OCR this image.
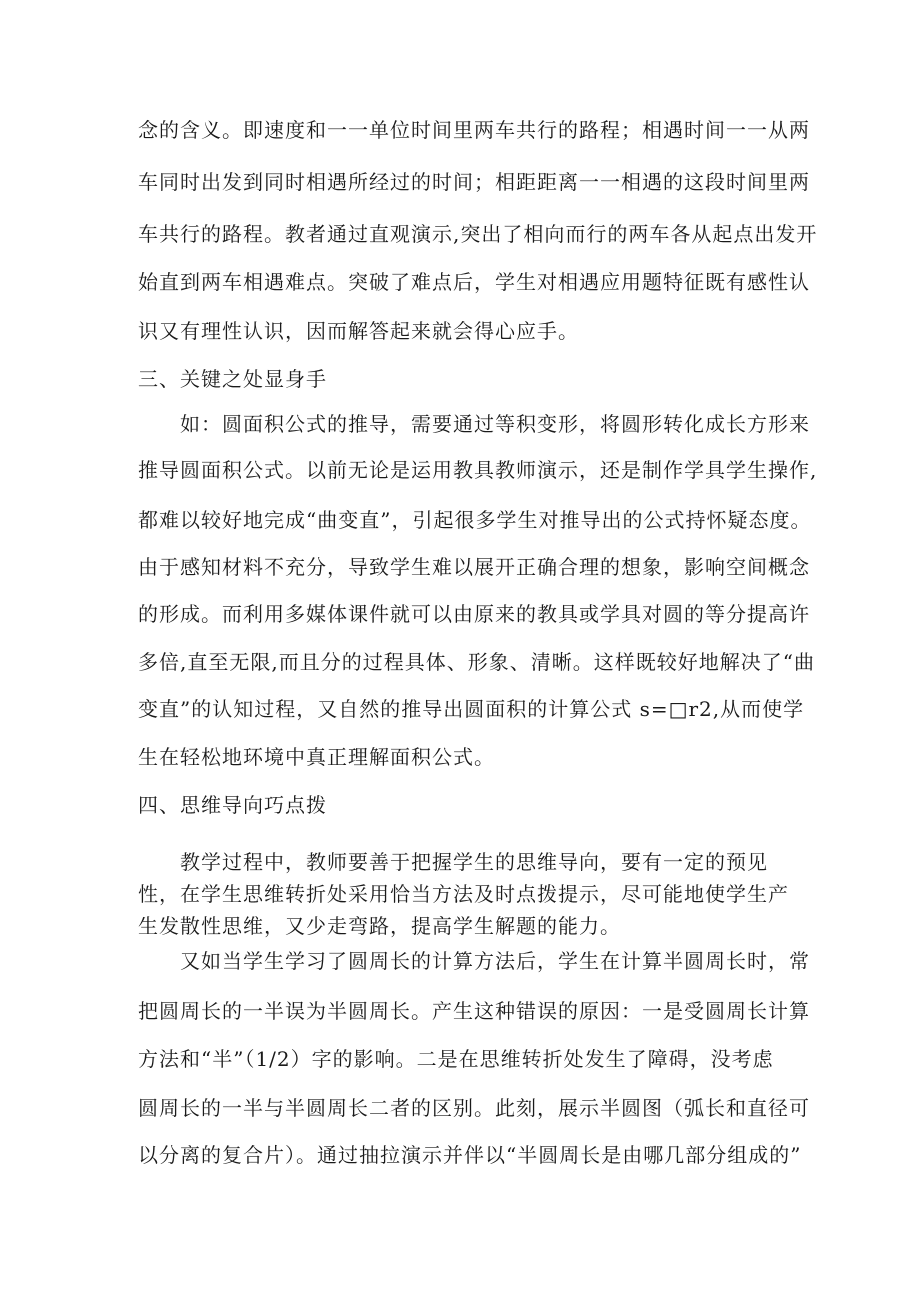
念的含义。即速度和一一单位时间里两车共行的路程；相遇时间一一从两
车同时出发到同时相遇所经过的时间；相距距离一一相遇的这段时间里两
车共行的路程。教者通过直观演示,突出了相向而行的两车各从起点出发开
始直到两车相遇难点。突破了难点后，学生对相遇应用题特征既有感性认
识又有理性认识，因而解答起来就会得心应手。
三、关键之处显身手
如：圆面积公式的推导，需要通过等积变形，将圆形转化成长方形来
推导圆面积公式。以前无论是运用教具教师演示，还是制作学具学生操作,
都难以较好地完成“曲变直”，引起很多学生对推导出的公式持怀疑态度。
由于感知材料不充分，导致学生难以展开正确合理的想象，影响空间概念
的形成。而利用多媒体课件就可以由原来的教具或学具对圆的等分提高许
多倍,直至无限,而且分的过程具体、形象、清晰。这样既较好地解决了“曲
变直”的认知过程，又自然的推导出圆面积的计算公式 s=□r2,从而使学
生在轻松地环境中真正理解面积公式。
四、思维导向巧点拨
教学过程中，教师要善于把握学生的思维导向，要有一定的预见性，在学生思维转折处采用恰当方法及时点拨提示，尽可能地使学生产生发散性思维，又少走弯路，提高学生解题的能力。
又如当学生学习了圆周长的计算方法后，学生在计算半圆周长时，常
把圆周长的一半误为半圆周长。产生这种错误的原因：一是受圆周长计算
方法和“半”（1/2）字的影响。二是在思维转折处发生了障碍，没考虑
圆周长的一半与半圆周长二者的区别。此刻，展示半圆图（弧长和直径可
以分离的复合片）。通过抽拉演示并伴以“半圆周长是由哪几部分组成的”
